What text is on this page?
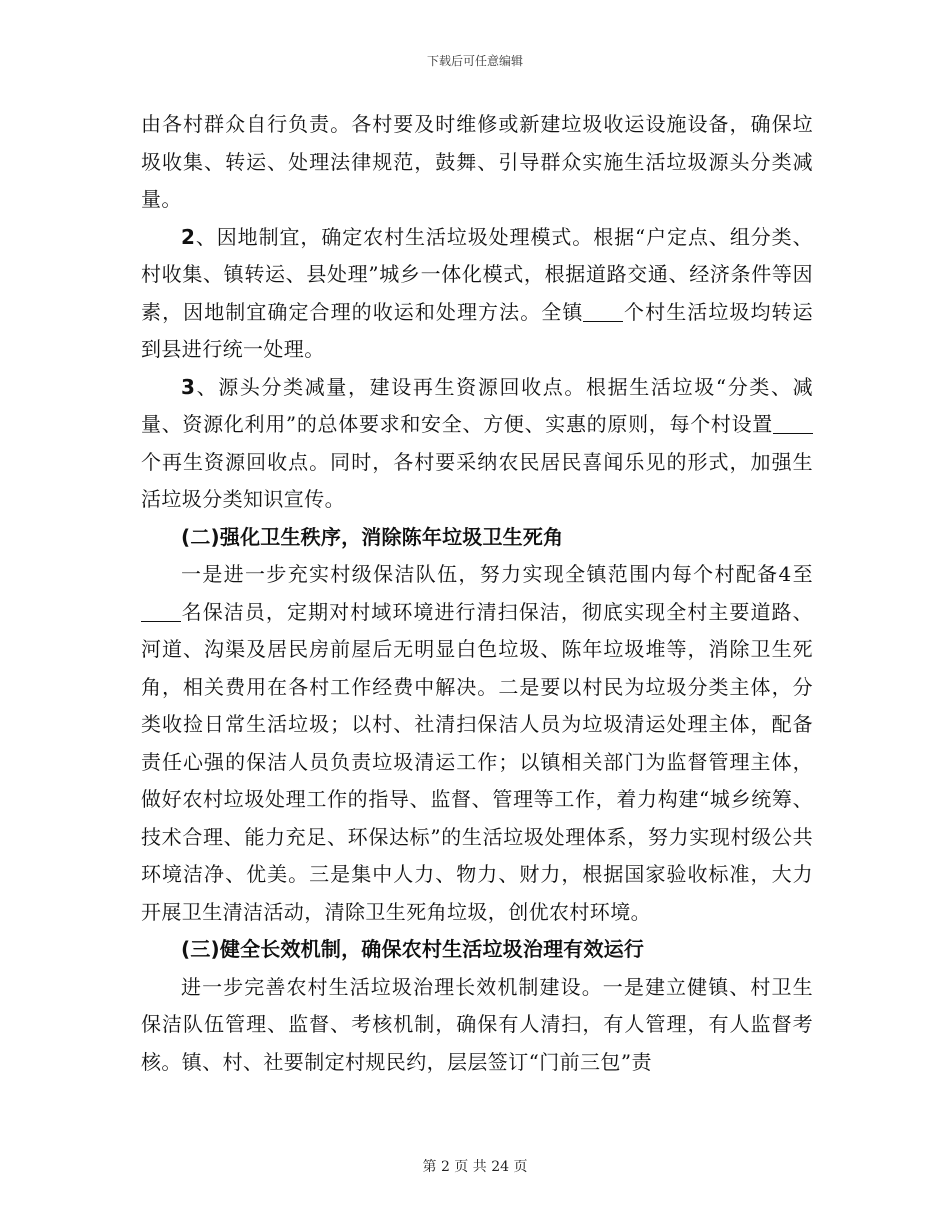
下载后可任意编辑

由各村群众自行负责。各村要及时维修或新建垃圾收运设施设备，确保垃圾收集、转运、处理法律规范，鼓舞、引导群众实施生活垃圾源头分类减量。

2、因地制宜，确定农村生活垃圾处理模式。根据“户定点、组分类、村收集、镇转运、县处理”城乡一体化模式，根据道路交通、经济条件等因素，因地制宜确定合理的收运和处理方法。全镇 个村生活垃圾均转运到县进行统一处理。

3、源头分类减量，建设再生资源回收点。根据生活垃圾“分类、减量、资源化利用”的总体要求和安全、方便、实惠的原则，每个村设置个再生资源回收点。同时，各村要采纳农民居民喜闻乐见的形式，加强生活垃圾分类知识宣传。

(二)强化卫生秩序，消除陈年垃圾卫生死角

一是进一步充实村级保洁队伍，努力实现全镇范围内每个村配备4至名保洁员，定期对村域环境进行清扫保洁，彻底实现全村主要道路、河道、沟渠及居民房前屋后无明显白色垃圾、陈年垃圾堆等，消除卫生死角，相关费用在各村工作经费中解决。二是要以村民为垃圾分类主体，分类收捡日常生活垃圾；以村、社清扫保洁人员为垃圾清运处理主体，配备责任心强的保洁人员负责垃圾清运工作；以镇相关部门为监督管理主体，做好农村垃圾处理工作的指导、监督、管理等工作，着力构建“城乡统筹、技术合理、能力充足、环保达标”的生活垃圾处理体系，努力实现村级公共环境洁净、优美。三是集中人力、物力、财力，根据国家验收标准，大力开展卫生清洁活动，清除卫生死角垃圾，创优农村环境。

(三)健全长效机制，确保农村生活垃圾治理有效运行

进一步完善农村生活垃圾治理长效机制建设。一是建立健镇、村卫生保洁队伍管理、监督、考核机制，确保有人清扫，有人管理，有人监督考核。镇、村、社要制定村规民约，层层签订“门前三包”责

第 2 页 共 24 页
